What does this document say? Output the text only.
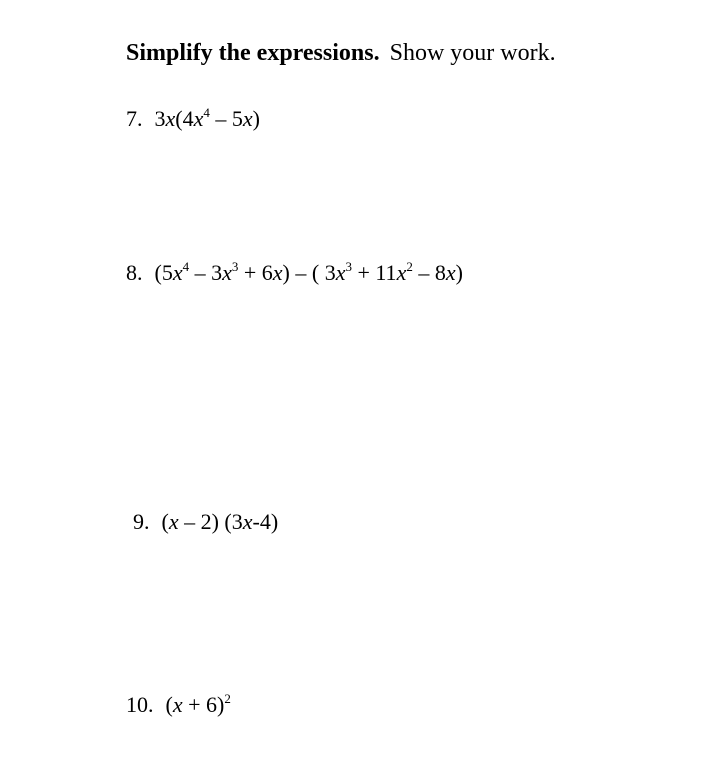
Simplify the expressions. Show your work.
7. $3x(4x^4 - 5x)$
8. $(5x^4 - 3x^3 + 6x)$ – ( $3x^3 + 11x^2 - 8x$)
9. (x – 2) (3x-4)
10. $(x + 6)^2$
